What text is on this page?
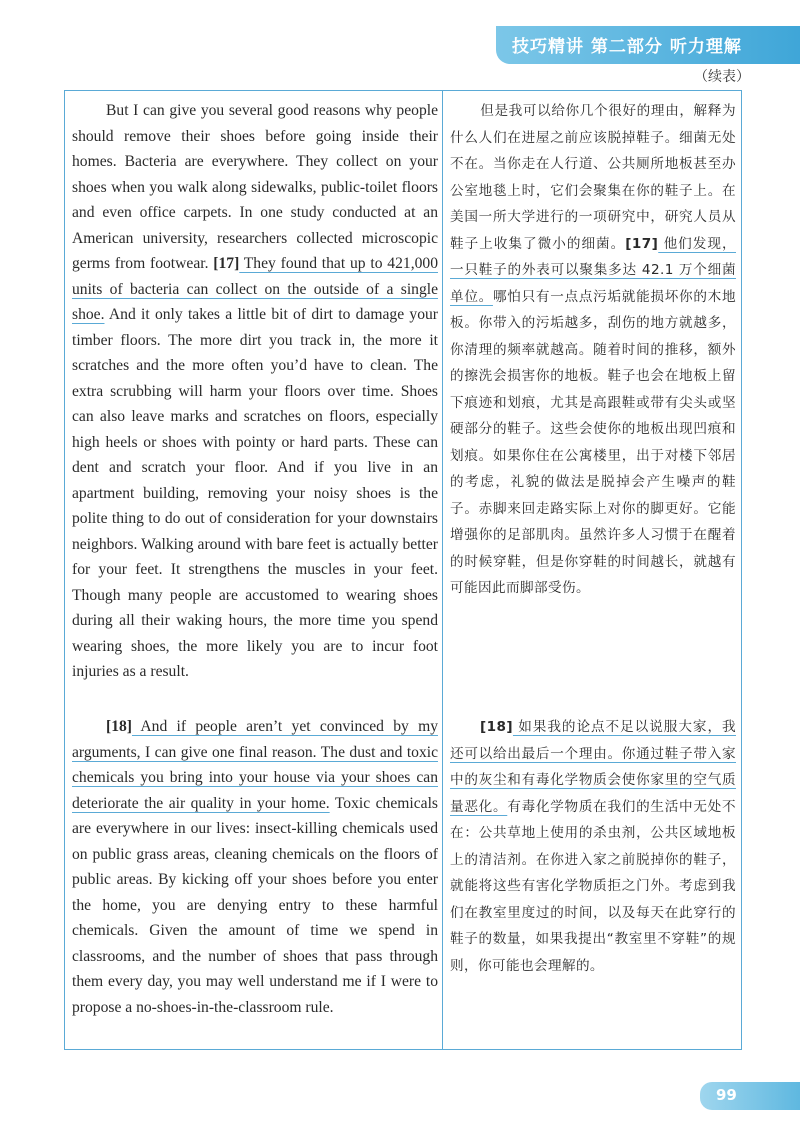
技巧精讲 第二部分 听力理解
（续表）

But I can give you several good reasons why people should remove their shoes before going inside their homes. Bacteria are everywhere. They collect on your shoes when you walk along sidewalks, public-toilet floors and even office carpets. In one study conducted at an American university, researchers collected microscopic germs from footwear. [17] They found that up to 421,000 units of bacteria can collect on the outside of a single shoe. And it only takes a little bit of dirt to damage your timber floors. The more dirt you track in, the more it scratches and the more often you’d have to clean. The extra scrubbing will harm your floors over time. Shoes can also leave marks and scratches on floors, especially high heels or shoes with pointy or hard parts. These can dent and scratch your floor. And if you live in an apartment building, removing your noisy shoes is the polite thing to do out of consideration for your downstairs neighbors. Walking around with bare feet is actually better for your feet. It strengthens the muscles in your feet. Though many people are accustomed to wearing shoes during all their waking hours, the more time you spend wearing shoes, the more likely you are to incur foot injuries as a result.

[18] And if people aren’t yet convinced by my arguments, I can give one final reason. The dust and toxic chemicals you bring into your house via your shoes can deteriorate the air quality in your home. Toxic chemicals are everywhere in our lives: insect-killing chemicals used on public grass areas, cleaning chemicals on the floors of public areas. By kicking off your shoes before you enter the home, you are denying entry to these harmful chemicals. Given the amount of time we spend in classrooms, and the number of shoes that pass through them every day, you may well understand me if I were to propose a no-shoes-in-the-classroom rule.

但是我可以给你几个很好的理由，解释为什么人们在进屋之前应该脱掉鞋子。细菌无处不在。当你走在人行道、公共厕所地板甚至办公室地毯上时，它们会聚集在你的鞋子上。在美国一所大学进行的一项研究中，研究人员从鞋子上收集了微小的细菌。[17] 他们发现，一只鞋子的外表可以聚集多达 42.1 万个细菌单位。哪怕只有一点点污垢就能损坏你的木地板。你带入的污垢越多，刮伤的地方就越多，你清理的频率就越高。随着时间的推移，额外的擦洗会损害你的地板。鞋子也会在地板上留下痕迹和划痕，尤其是高跟鞋或带有尖头或坚硬部分的鞋子。这些会使你的地板出现凹痕和划痕。如果你住在公寓楼里，出于对楼下邻居的考虑，礼貌的做法是脱掉会产生噪声的鞋子。赤脚来回走路实际上对你的脚更好。它能增强你的足部肌肉。虽然许多人习惯于在醒着的时候穿鞋，但是你穿鞋的时间越长，就越有可能因此而脚部受伤。

[18] 如果我的论点不足以说服大家，我还可以给出最后一个理由。你通过鞋子带入家中的灰尘和有毒化学物质会使你家里的空气质量恶化。有毒化学物质在我们的生活中无处不在：公共草地上使用的杀虫剂，公共区域地板上的清洁剂。在你进入家之前脱掉你的鞋子，就能将这些有害化学物质拒之门外。考虑到我们在教室里度过的时间，以及每天在此穿行的鞋子的数量，如果我提出“教室里不穿鞋”的规则，你可能也会理解的。

99
